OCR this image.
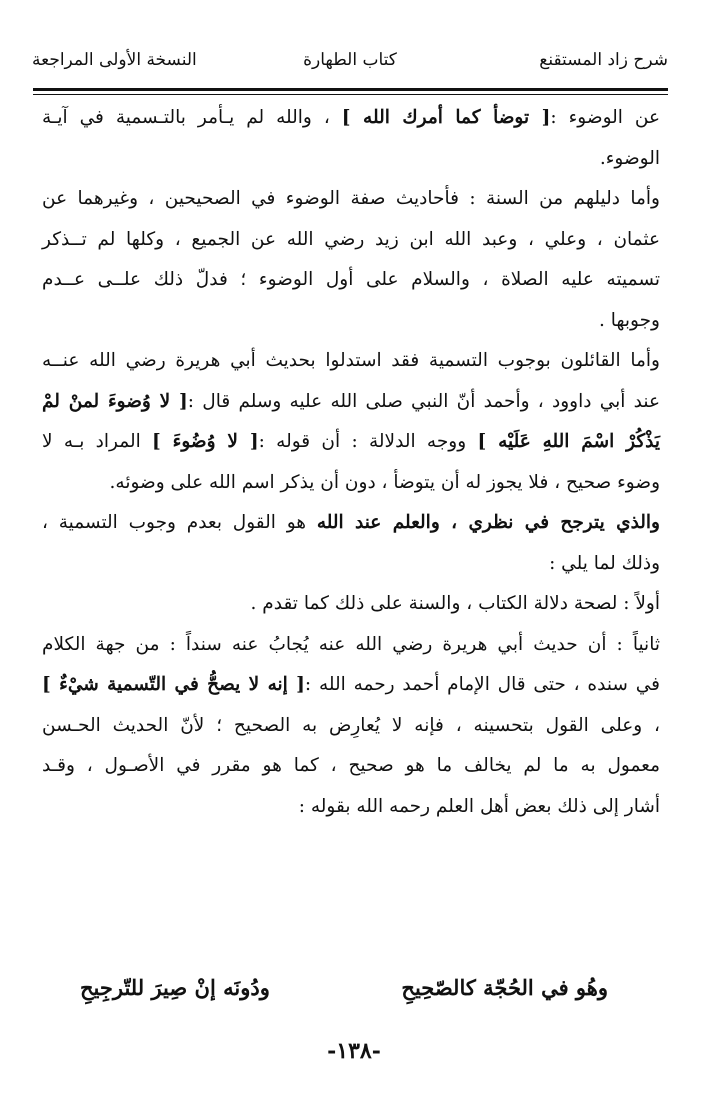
شرح زاد المستقنع
كتاب الطهارة
النسخة الأولى المراجعة
عن الوضوء :[ توضأ كما أمرك الله ] ، والله لم يـأمر بالتـسمية في آيـة
الوضوء.
وأما دليلهم من السنة : فأحاديث صفة الوضوء في الصحيحين ، وغيرهما عن
عثمان ، وعلي ، وعبد الله ابن زيد رضي الله عن الجميع ، وكلها لم تــذكر
تسميته عليه الصلاة ، والسلام على أول الوضوء ؛ فدلّ ذلك علــى عــدم
وجوبها .
وأما القائلون بوجوب التسمية فقد استدلوا بحديث أبي هريرة رضي الله عنــه
عند أبي داوود ، وأحمد أنّ النبي صلى الله عليه وسلم قال :[ لا وُضوءَ لمنْ لمْ
يَذْكُرْ اسْمَ اللهِ عَلَيْه ] ووجه الدلالة : أن قوله :[ لا وُضُوءَ ] المراد بـه لا
وضوء صحيح ، فلا يجوز له أن يتوضأ ، دون أن يذكر اسم الله على وضوئه.
والذي يترجح في نظري ، والعلم عند الله هو القول بعدم وجوب التسمية ،
وذلك لما يلي :
أولاً : لصحة دلالة الكتاب ، والسنة على ذلك كما تقدم .
ثانياً : أن حديث أبي هريرة رضي الله عنه يُجابُ عنه سنداً : من جهة الكلام
في سنده ، حتى قال الإمام أحمد رحمه الله :[ إنه لا يصحُّ في التّسمية شيْءٌ ]
، وعلى القول بتحسينه ، فإنه لا يُعارِض به الصحيح ؛ لأنّ الحديث الحـسن
معمول به ما لم يخالف ما هو صحيح ، كما هو مقرر في الأصـول ، وقـد
أشار إلى ذلك بعض أهل العلم رحمه الله بقوله :
وهُو في الحُجّة كالصّحِيحِ
ودُونَه إنْ صِيرَ للتّرجِيحِ
-١٣٨-
